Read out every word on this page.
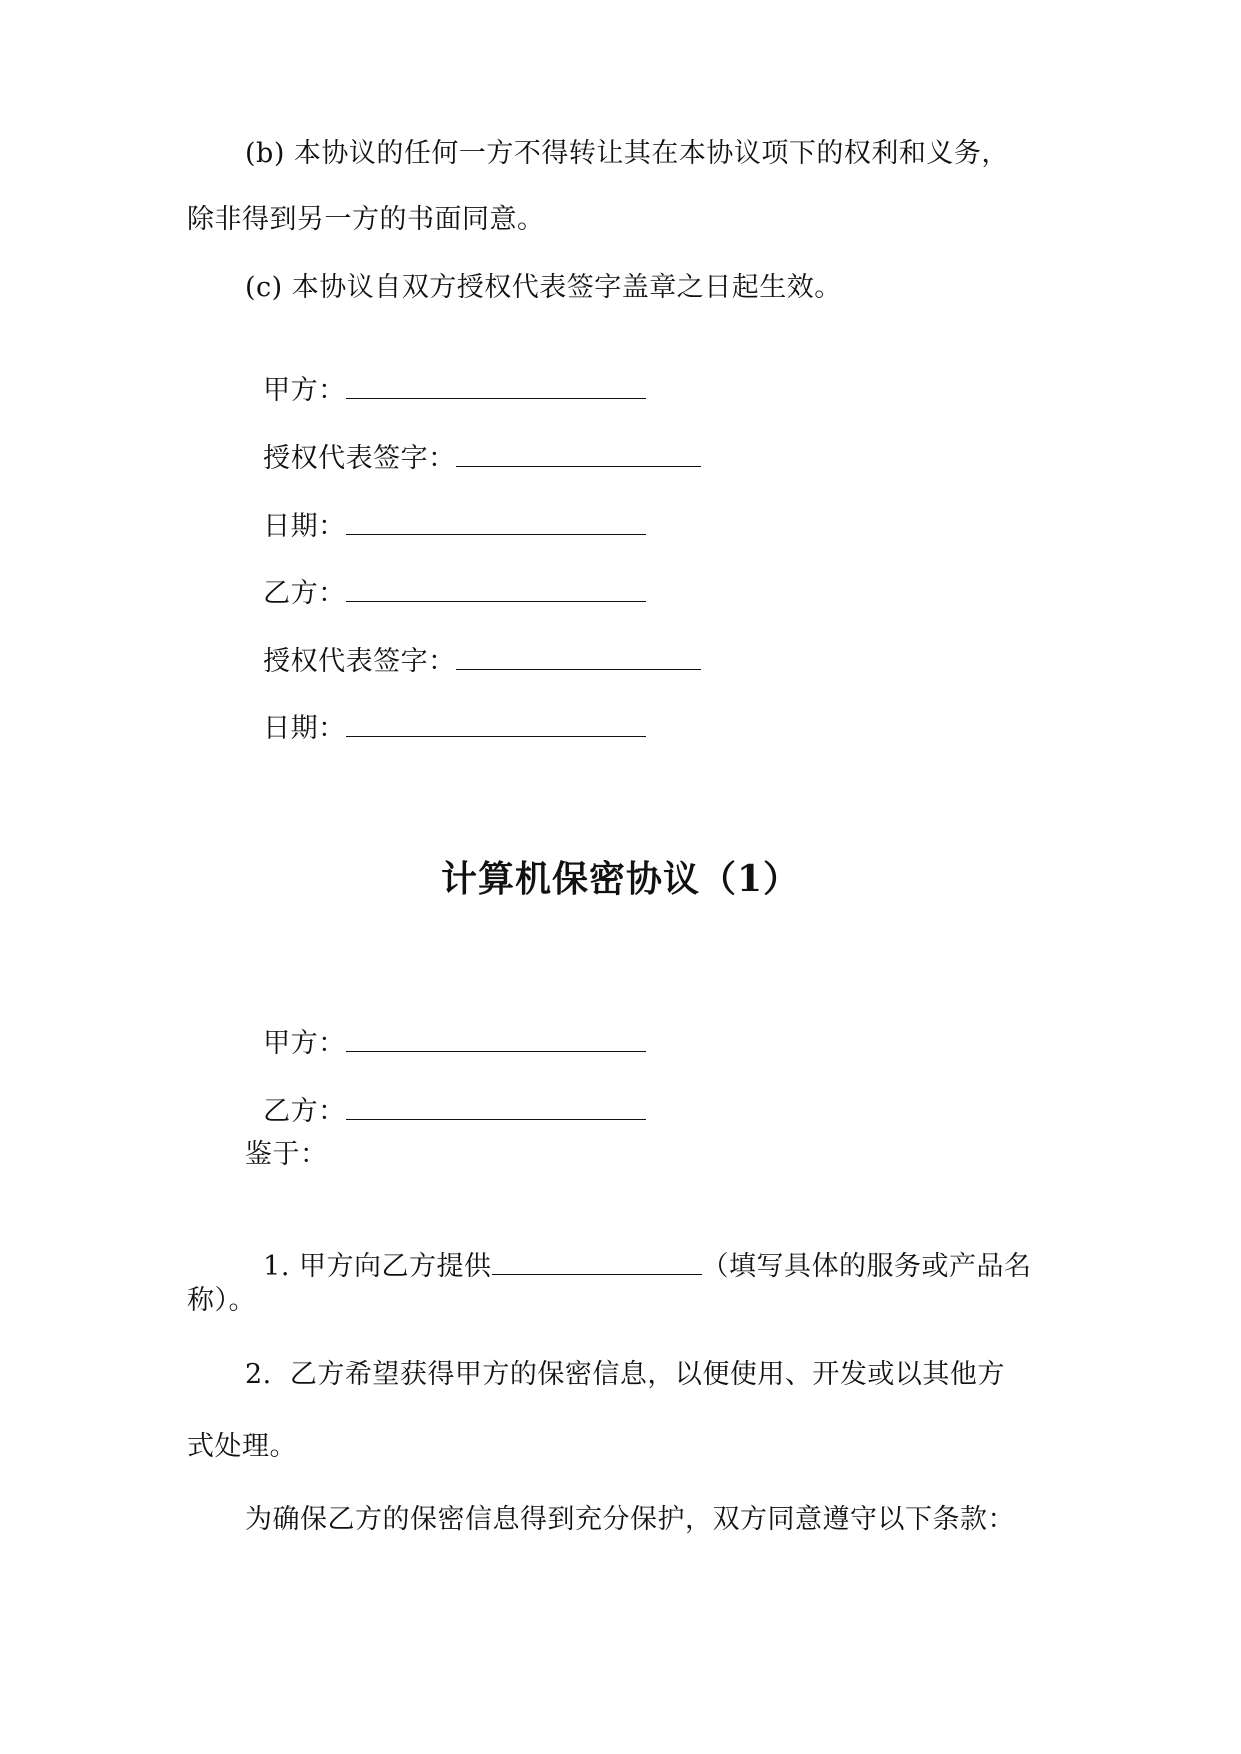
(b) 本协议的任何一方不得转让其在本协议项下的权利和义务，

除非得到另一方的书面同意。

(c) 本协议自双方授权代表签字盖章之日起生效。

甲方：

授权代表签字：

日期：

乙方：

授权代表签字：

日期：

计算机保密协议（1）

甲方：

乙方：

鉴于：

1. 甲方向乙方提供	（填写具体的服务或产品名

称）。

2.  乙方希望获得甲方的保密信息，以便使用、开发或以其他方

式处理。

为确保乙方的保密信息得到充分保护，双方同意遵守以下条款：
